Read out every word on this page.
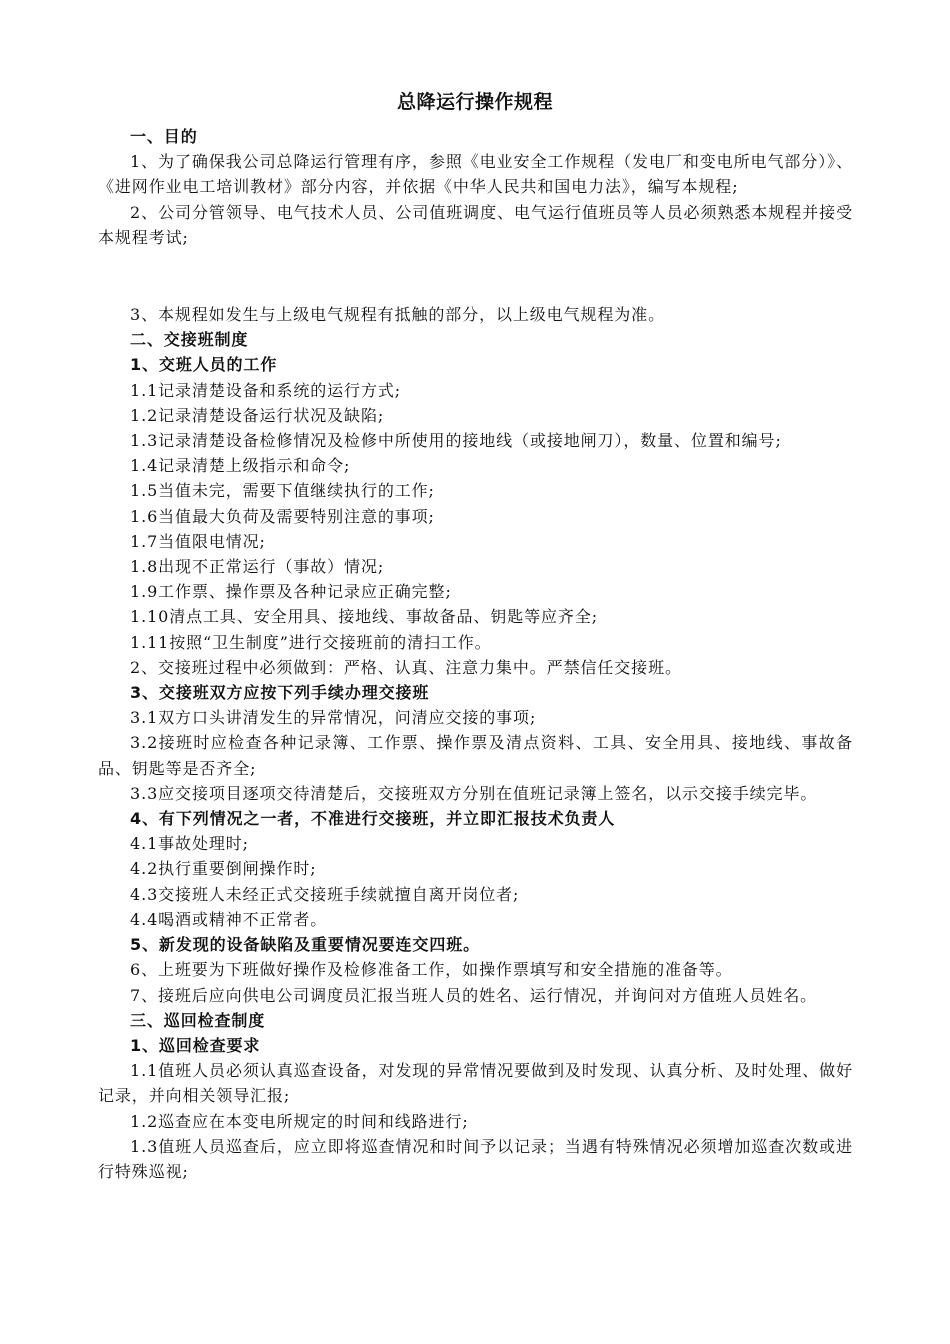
总降运行操作规程

一、目的

1、为了确保我公司总降运行管理有序，参照《电业安全工作规程（发电厂和变电所电气部分）》、《进网作业电工培训教材》部分内容，并依据《中华人民共和国电力法》，编写本规程;

2、公司分管领导、电气技术人员、公司值班调度、电气运行值班员等人员必须熟悉本规程并接受本规程考试;

3、本规程如发生与上级电气规程有抵触的部分，以上级电气规程为准。

二、交接班制度

1、交班人员的工作

1.1记录清楚设备和系统的运行方式;

1.2记录清楚设备运行状况及缺陷;

1.3记录清楚设备检修情况及检修中所使用的接地线（或接地闸刀），数量、位置和编号;

1.4记录清楚上级指示和命令;

1.5当值未完，需要下值继续执行的工作;

1.6当值最大负荷及需要特别注意的事项;

1.7当值限电情况;

1.8出现不正常运行（事故）情况;

1.9工作票、操作票及各种记录应正确完整;

1.10清点工具、安全用具、接地线、事故备品、钥匙等应齐全;

1.11按照“卫生制度”进行交接班前的清扫工作。

2、交接班过程中必须做到：严格、认真、注意力集中。严禁信任交接班。

3、交接班双方应按下列手续办理交接班

3.1双方口头讲清发生的异常情况，问清应交接的事项;

3.2接班时应检查各种记录簿、工作票、操作票及清点资料、工具、安全用具、接地线、事故备品、钥匙等是否齐全;

3.3应交接项目逐项交待清楚后，交接班双方分别在值班记录簿上签名，以示交接手续完毕。

4、有下列情况之一者，不准进行交接班，并立即汇报技术负责人

4.1事故处理时;

4.2执行重要倒闸操作时;

4.3交接班人未经正式交接班手续就擅自离开岗位者;

4.4喝酒或精神不正常者。

5、新发现的设备缺陷及重要情况要连交四班。

6、上班要为下班做好操作及检修准备工作，如操作票填写和安全措施的准备等。

7、接班后应向供电公司调度员汇报当班人员的姓名、运行情况，并询问对方值班人员姓名。

三、巡回检查制度

1、巡回检查要求

1.1值班人员必须认真巡查设备，对发现的异常情况要做到及时发现、认真分析、及时处理、做好记录，并向相关领导汇报;

1.2巡查应在本变电所规定的时间和线路进行;

1.3值班人员巡查后，应立即将巡查情况和时间予以记录；当遇有特殊情况必须增加巡查次数或进行特殊巡视;
